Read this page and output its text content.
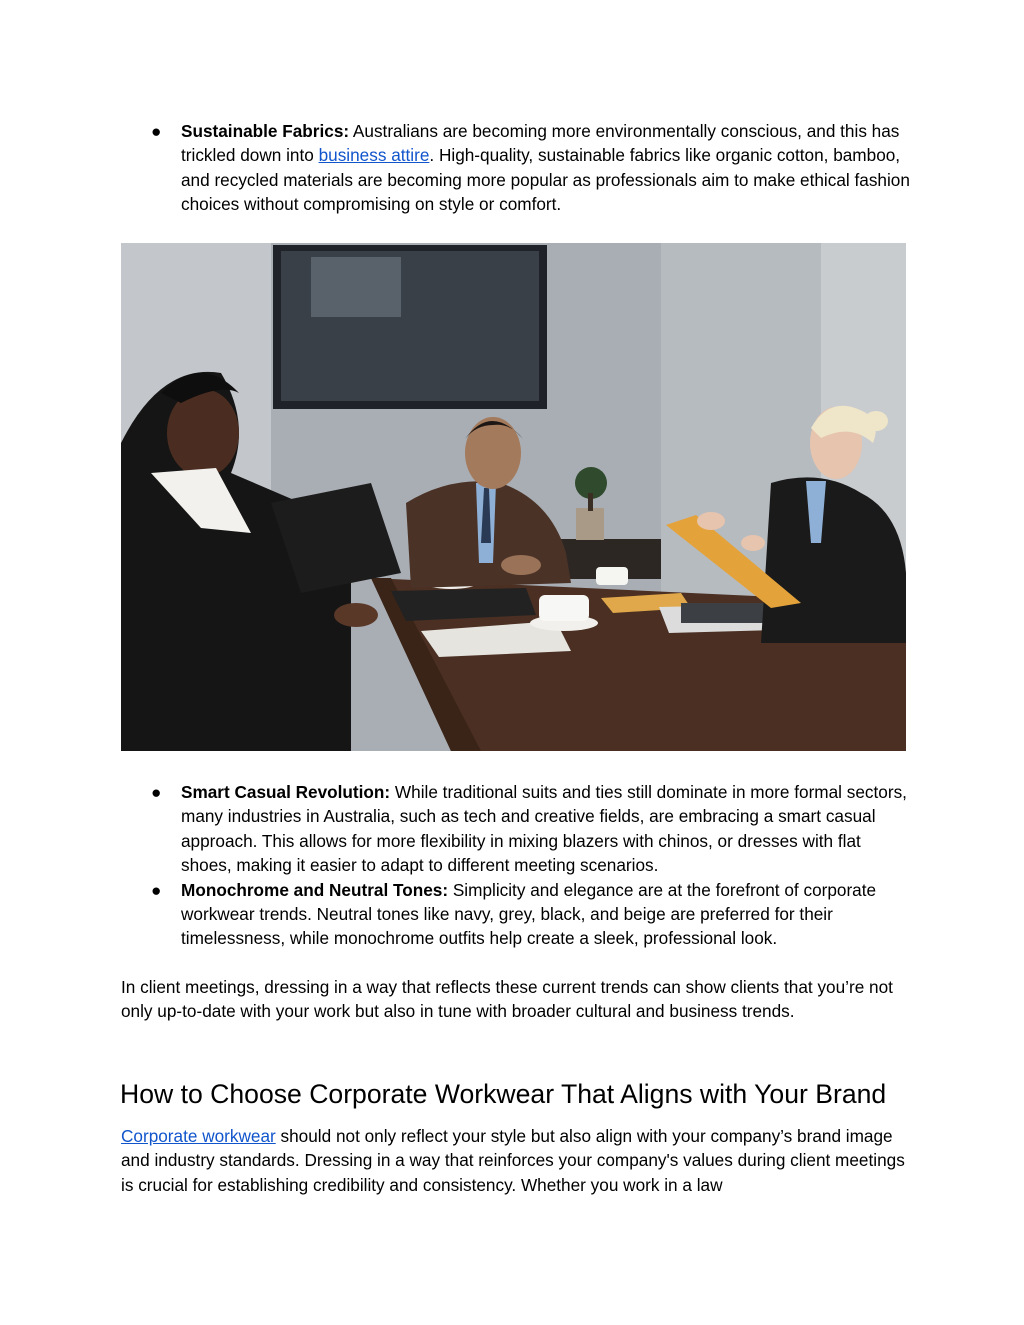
● Sustainable Fabrics: Australians are becoming more environmentally conscious, and this has trickled down into business attire. High-quality, sustainable fabrics like organic cotton, bamboo, and recycled materials are becoming more popular as professionals aim to make ethical fashion choices without compromising on style or comfort.
● Smart Casual Revolution: While traditional suits and ties still dominate in more formal sectors, many industries in Australia, such as tech and creative fields, are embracing a smart casual approach. This allows for more flexibility in mixing blazers with chinos, or dresses with flat shoes, making it easier to adapt to different meeting scenarios.
● Monochrome and Neutral Tones: Simplicity and elegance are at the forefront of corporate workwear trends. Neutral tones like navy, grey, black, and beige are preferred for their timelessness, while monochrome outfits help create a sleek, professional look.

In client meetings, dressing in a way that reflects these current trends can show clients that you’re not only up-to-date with your work but also in tune with broader cultural and business trends.

How to Choose Corporate Workwear That Aligns with Your Brand

Corporate workwear should not only reflect your style but also align with your company’s brand image and industry standards. Dressing in a way that reinforces your company's values during client meetings is crucial for establishing credibility and consistency. Whether you work in a law
